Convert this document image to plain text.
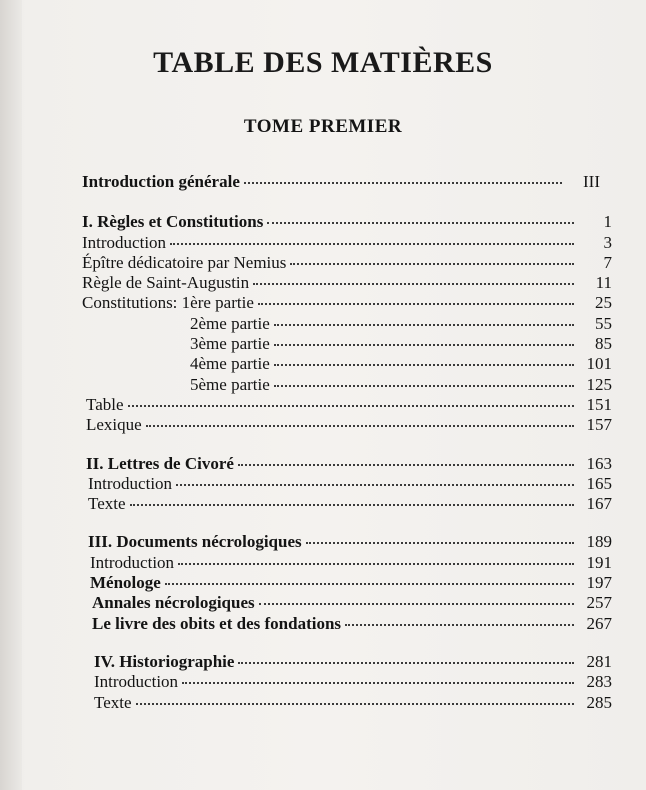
TABLE DES MATIÈRES
TOME PREMIER
Introduction générale	III
I. Règles et Constitutions	1
Introduction	3
Épître dédicatoire par Nemius	7
Règle de Saint-Augustin	11
Constitutions: 1ère partie	25
2ème partie	55
3ème partie	85
4ème partie	101
5ème partie	125
Table	151
Lexique	157
II. Lettres de Civoré	163
Introduction	165
Texte	167
III. Documents nécrologiques	189
Introduction	191
Ménologe	197
Annales nécrologiques	257
Le livre des obits et des fondations	267
IV. Historiographie	281
Introduction	283
Texte	285
